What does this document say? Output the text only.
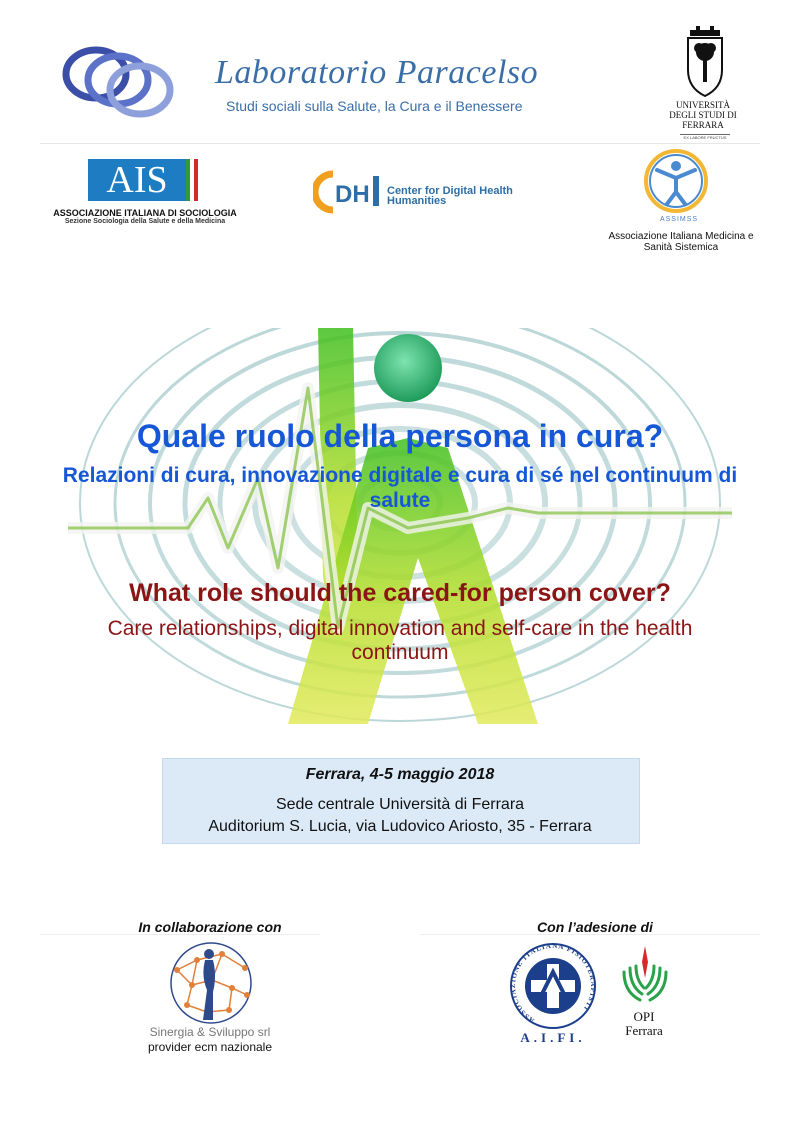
Laboratorio Paracelso
Studi sociali sulla Salute, la Cura e il Benessere	UNIVERSITÀ DEGLI STUDI DI FERRARA
EX LABORE FRUCTUS
AIS
ASSOCIAZIONE ITALIANA DI SOCIOLOGIA
Sezione Sociologia della Salute e della Medicina
DH Center for Digital Health Humanities
ASSIMSS
Associazione Italiana Medicina e Sanità Sistemica
Quale ruolo della persona in cura?
Relazioni di cura, innovazione digitale e cura di sé nel continuum di salute
What role should the cared-for person cover?
Care relationships, digital innovation and self-care in the health continuum
Ferrara, 4-5 maggio 2018
Sede centrale Università di Ferrara
Auditorium S. Lucia, via Ludovico Ariosto, 35 - Ferrara
In collaborazione con	Con l’adesione di
Sinergia & Sviluppo srl
provider ecm nazionale
ASSOCIAZIONE ITALIANA FISIOTERAPISTI
A.I.FI.
OPI
Ferrara
